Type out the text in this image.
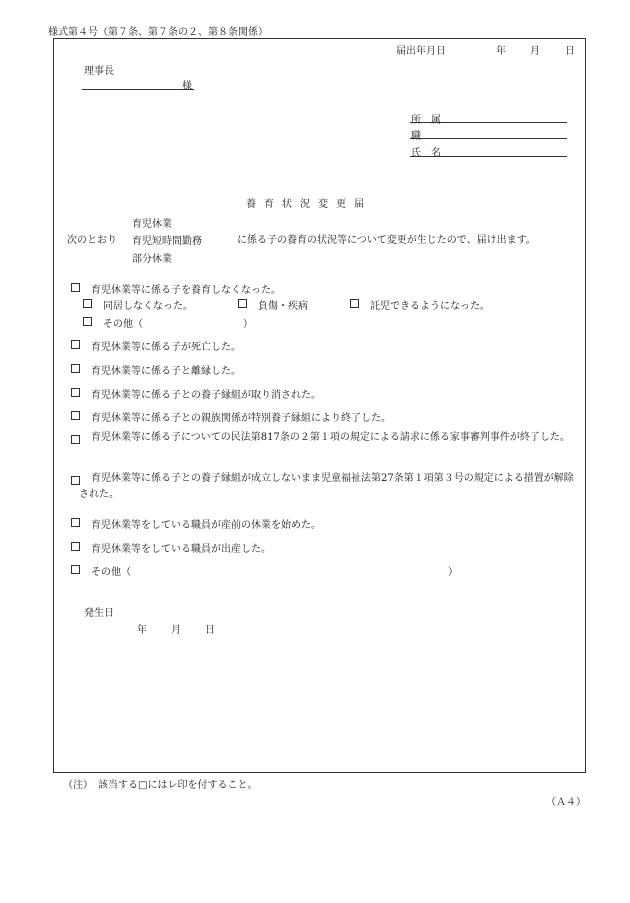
様式第４号（第７条、第７条の２、第８条関係）
届出年月日	年 月	日
理事長
様
所　属
職
氏　名
養育状況変更届
次のとおり
育児休業
育児短時間勤務
部分休業
に係る子の養育の状況等について変更が生じたので、届け出ます。
育児休業等に係る子を養育しなくなった。
同居しなくなった。	負傷・疾病	託児できるようになった。
その他（	）
育児休業等に係る子が死亡した。
育児休業等に係る子と離縁した。
育児休業等に係る子との養子縁組が取り消された。
育児休業等に係る子との親族関係が特別養子縁組により終了した。
育児休業等に係る子についての民法第817条の２第１項の規定による請求に係る家事審判事件が終了した。
育児休業等に係る子との養子縁組が成立しないまま児童福祉法第27条第１項第３号の規定による措置が解除された。
育児休業等をしている職員が産前の休業を始めた。
育児休業等をしている職員が出産した。
その他（	）
発生日
年 月 日
（注）　該当する□にはレ印を付すること。
（Ａ４）
